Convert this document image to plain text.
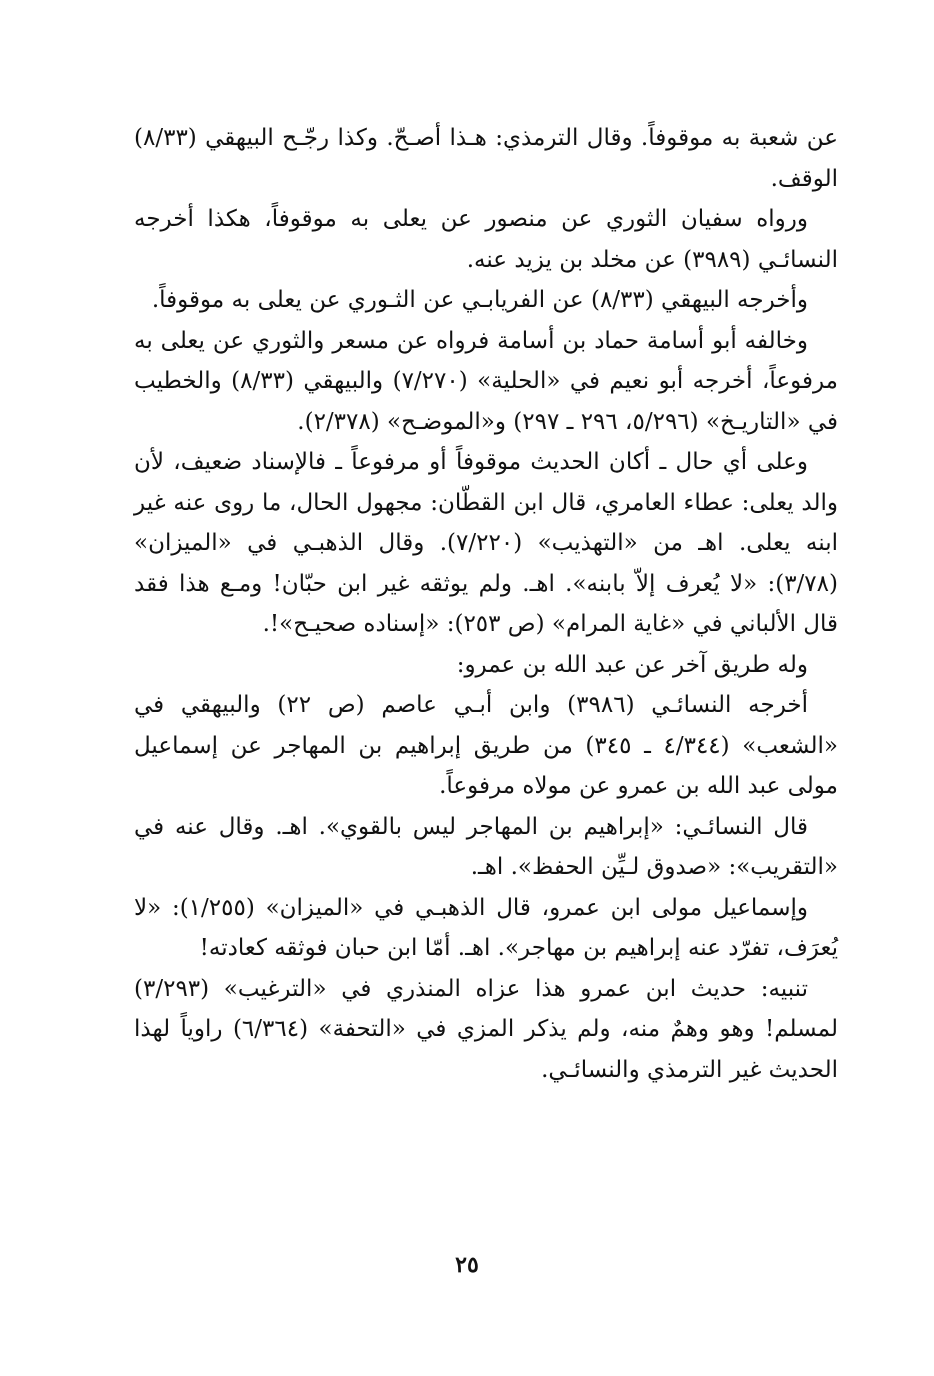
عن شعبة به موقوفاً. وقال الترمذي: هـذا أصـحّ. وكذا رجّـح البيهقي (٨/٣٣) الوقف.

ورواه سفيان الثوري عن منصور عن يعلى به موقوفاً، هكذا أخرجه النسائـي (٣٩٨٩) عن مخلد بن يزيد عنه.

وأخرجه البيهقي (٨/٣٣) عن الفريابـي عن الثـوري عن يعلى به موقوفاً.

وخالفه أبو أسامة حماد بن أسامة فرواه عن مسعر والثوري عن يعلى به مرفوعاً، أخرجه أبو نعيم في «الحلية» (٧/٢٧٠) والبيهقي (٨/٣٣) والخطيب في «التاريـخ» (٥/٢٩٦، ٢٩٦ ـ ٢٩٧) و«الموضـح» (٢/٣٧٨).

وعلى أي حال ـ أكان الحديث موقوفاً أو مرفوعاً ـ فالإسناد ضعيف، لأن والد يعلى: عطاء العامري، قال ابن القطّان: مجهول الحال، ما روى عنه غير ابنه يعلى. اهـ من «التهذيب» (٧/٢٢٠). وقال الذهبـي في «الميزان» (٣/٧٨): «لا يُعرف إلاّ بابنه». اهـ. ولم يوثقه غير ابن حبّان! ومـع هذا فقد قال الألباني في «غاية المرام» (ص ٢٥٣): «إسناده صحيـح»!.

وله طريق آخر عن عبد الله بن عمرو:

أخرجه النسائـي (٣٩٨٦) وابن أبـي عاصم (ص ٢٢) والبيهقي في «الشعب» (٤/٣٤٤ ـ ٣٤٥) من طريق إبراهيم بن المهاجر عن إسماعيل مولى عبد الله بن عمرو عن مولاه مرفوعاً.

قال النسائـي: «إبراهيم بن المهاجر ليس بالقوي». اهـ. وقال عنه في «التقريب»: «صدوق لـيِّن الحفظ». اهـ.

وإسماعيل مولى ابن عمرو، قال الذهبـي في «الميزان» (١/٢٥٥): «لا يُعرَف، تفرّد عنه إبراهيم بن مهاجر». اهـ. أمّا ابن حبان فوثقه كعادته!

تنبيه: حديث ابن عمرو هذا عزاه المنذري في «الترغيب» (٣/٢٩٣) لمسلم! وهو وهمٌ منه، ولم يذكر المزي في «التحفة» (٦/٣٦٤) راوياً لهذا الحديث غير الترمذي والنسائـي.

٢٥
